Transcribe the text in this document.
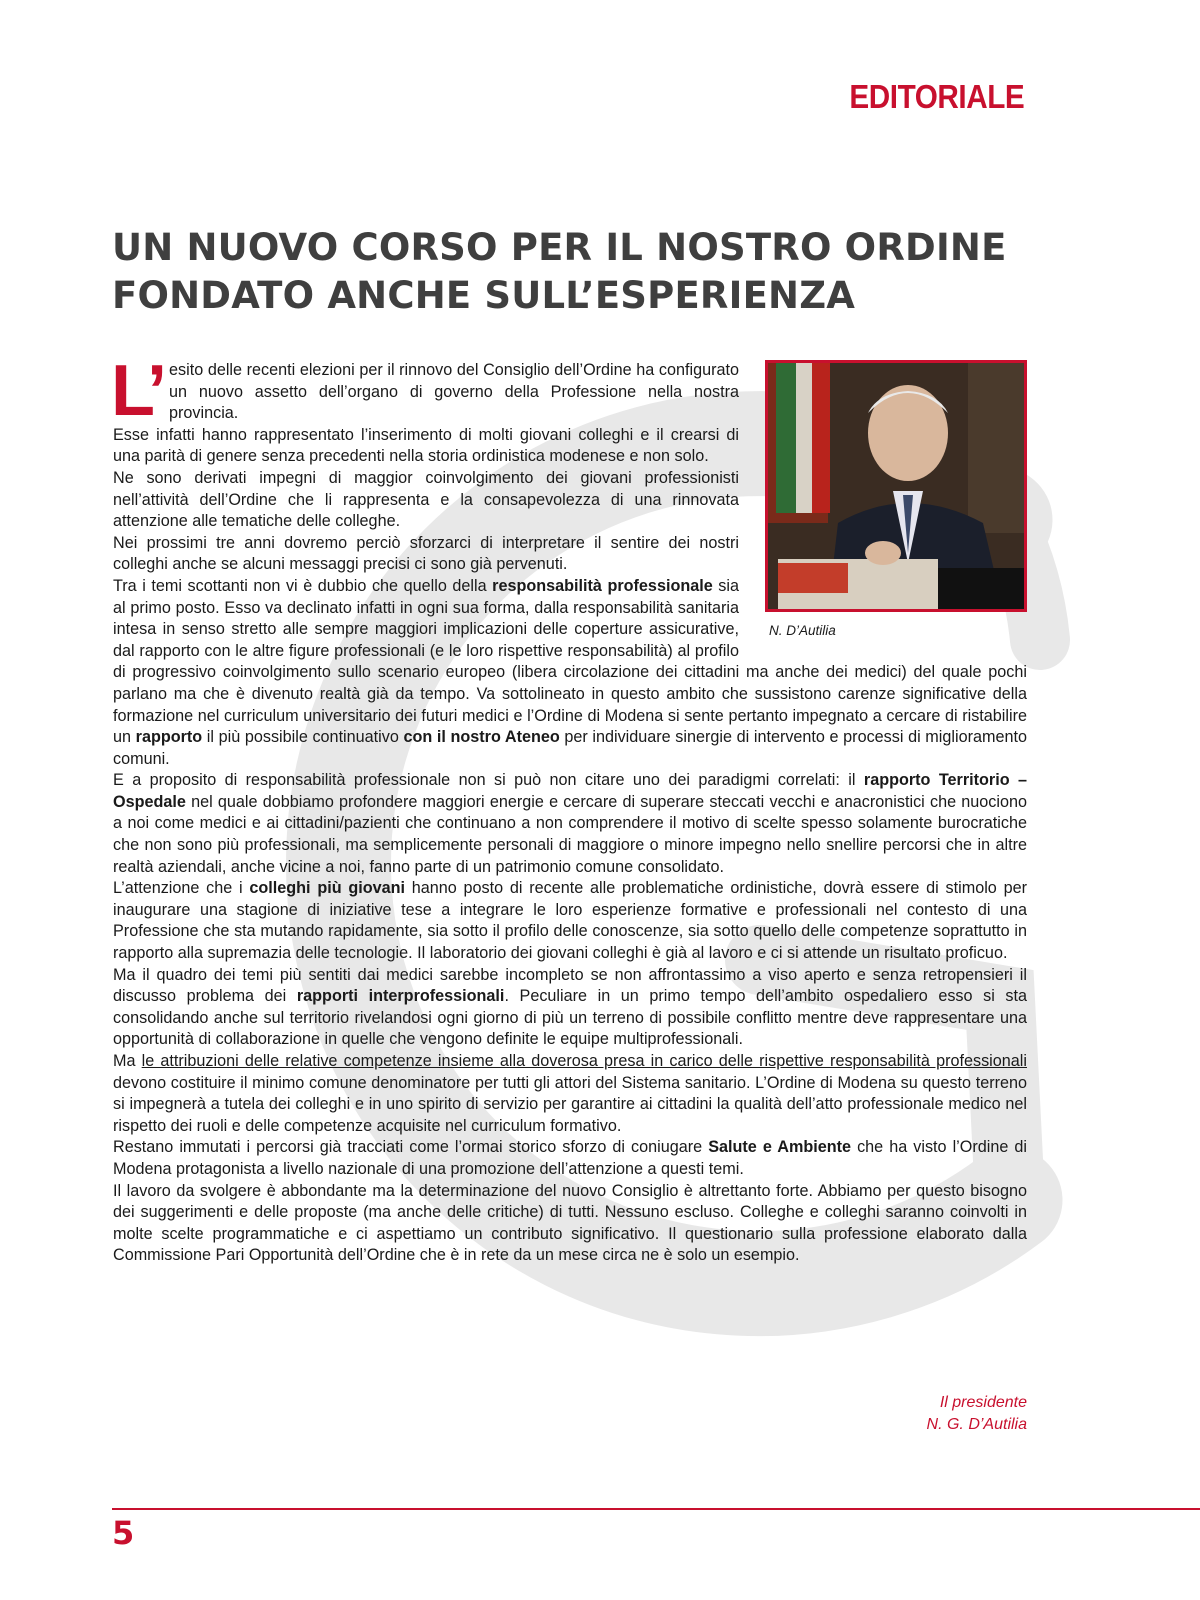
EDITORIALE
UN NUOVO CORSO PER IL NOSTRO ORDINE
FONDATO ANCHE SULL’ESPERIENZA
N. D’Autilia

L’ esito delle recenti elezioni per il rinnovo del Consiglio dell’Ordine ha configurato un nuovo assetto dell’organo di governo della Professione nella nostra provincia.

Esse infatti hanno rappresentato l’inserimento di molti giovani colleghi e il crearsi di una parità di genere senza precedenti nella storia ordinistica modenese e non solo.

Ne sono derivati impegni di maggior coinvolgimento dei giovani professionisti nell’attività dell’Ordine che li rappresenta e la consapevolezza di una rinnovata attenzione alle tematiche delle colleghe.

Nei prossimi tre anni dovremo perciò sforzarci di interpretare il sentire dei nostri colleghi anche se alcuni messaggi precisi ci sono già pervenuti.

Tra i temi scottanti non vi è dubbio che quello della responsabilità professionale sia al primo posto. Esso va declinato infatti in ogni sua forma, dalla responsabilità sanitaria intesa in senso stretto alle sempre maggiori implicazioni delle coperture assicurative, dal rapporto con le altre figure professionali (e le loro rispettive responsabilità) al profilo di progressivo coinvolgimento sullo scenario europeo (libera circolazione dei cittadini ma anche dei medici) del quale pochi parlano ma che è divenuto realtà già da tempo. Va sottolineato in questo ambito che sussistono carenze significative della formazione nel curriculum universitario dei futuri medici e l’Ordine di Modena si sente pertanto impegnato a cercare di ristabilire un rapporto il più possibile continuativo con il nostro Ateneo per individuare sinergie di intervento e processi di miglioramento comuni.

E a proposito di responsabilità professionale non si può non citare uno dei paradigmi correlati: il rapporto Territorio – Ospedale nel quale dobbiamo profondere maggiori energie e cercare di superare steccati vecchi e anacronistici che nuociono a noi come medici e ai cittadini/pazienti che continuano a non comprendere il motivo di scelte spesso solamente burocratiche che non sono più professionali, ma semplicemente personali di maggiore o minore impegno nello snellire percorsi che in altre realtà aziendali, anche vicine a noi, fanno parte di un patrimonio comune consolidato.

L’attenzione che i colleghi più giovani hanno posto di recente alle problematiche ordinistiche, dovrà essere di stimolo per inaugurare una stagione di iniziative tese a integrare le loro esperienze formative e professionali nel contesto di una Professione che sta mutando rapidamente, sia sotto il profilo delle conoscenze, sia sotto quello delle competenze soprattutto in rapporto alla supremazia delle tecnologie. Il laboratorio dei giovani colleghi è già al lavoro e ci si attende un risultato proficuo.

Ma il quadro dei temi più sentiti dai medici sarebbe incompleto se non affrontassimo a viso aperto e senza retropensieri il discusso problema dei rapporti interprofessionali. Peculiare in un primo tempo dell’ambito ospedaliero esso si sta consolidando anche sul territorio rivelandosi ogni giorno di più un terreno di possibile conflitto mentre deve rappresentare una opportunità di collaborazione in quelle che vengono definite le equipe multiprofessionali.

Ma le attribuzioni delle relative competenze insieme alla doverosa presa in carico delle rispettive responsabilità professionali devono costituire il minimo comune denominatore per tutti gli attori del Sistema sanitario. L’Ordine di Modena su questo terreno si impegnerà a tutela dei colleghi e in uno spirito di servizio per garantire ai cittadini la qualità dell’atto professionale medico nel rispetto dei ruoli e delle competenze acquisite nel curriculum formativo.

Restano immutati i percorsi già tracciati come l’ormai storico sforzo di coniugare Salute e Ambiente che ha visto l’Ordine di Modena protagonista a livello nazionale di una promozione dell’attenzione a questi temi.

Il lavoro da svolgere è abbondante ma la determinazione del nuovo Consiglio è altrettanto forte. Abbiamo per questo bisogno dei suggerimenti e delle proposte (ma anche delle critiche) di tutti. Nessuno escluso. Colleghe e colleghi saranno coinvolti in molte scelte programmatiche e ci aspettiamo un contributo significativo. Il questionario sulla professione elaborato dalla Commissione Pari Opportunità dell’Ordine che è in rete da un mese circa ne è solo un esempio.

Il presidente
N. G. D’Autilia
5
